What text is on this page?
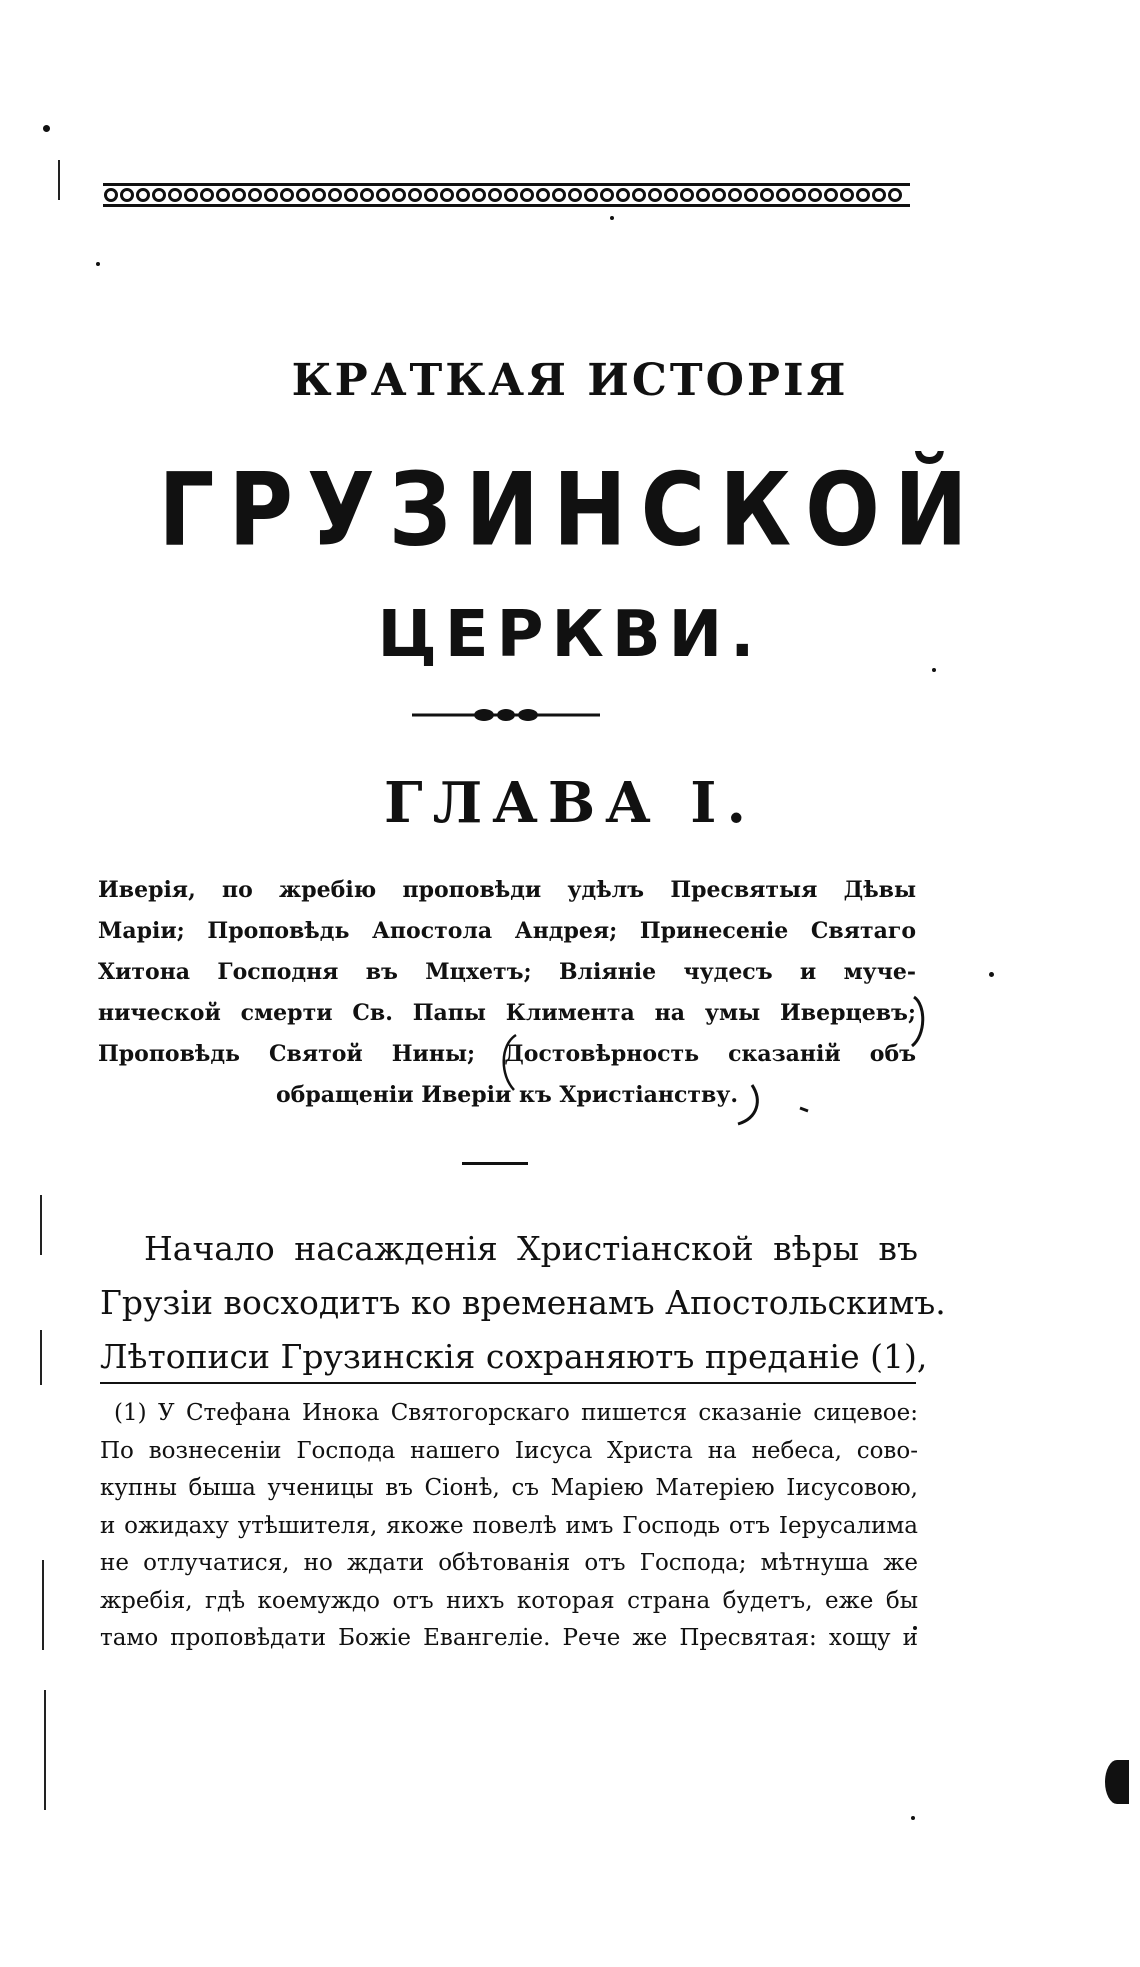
КРАТКАЯ ИСТОРІЯ
ГРУЗИНСКОЙ
ЦЕРКВИ.
ГЛАВА I.
Иверія, по жребію проповѣди удѣлъ Пресвятыя Дѣвы
Маріи; Проповѣдь Апостола Андрея; Принесеніе Святаго
Хитона Господня въ Мцхетъ; Вліяніе чудесъ и мучe-
нической смерти Св. Папы Климента на умы Иверцевъ;
Проповѣдь Святой Нины; Достовѣрность сказаній объ
обращеніи Иверіи къ Христіанству.
Начало насажденія Христіанской вѣры въ
Грузіи восходитъ ко временамъ Апостольскимъ.
Лѣтописи Грузинскія сохраняютъ преданіе (1),
(1) У Стефана Инока Святогорскаго пишется сказаніе сицевое:
По вознесеніи Господа нашего Іисуса Христа на небеса, сово-
купны быша ученицы въ Сіонѣ, съ Маріею Матеріею Іисусовою,
и ожидаху утѣшителя, якоже повелѣ имъ Господь отъ Іерусалима
не отлучатися, но ждати обѣтованія отъ Господа; мѣтнуша же
жребія, гдѣ коемуждо отъ нихъ которая страна будетъ, еже бы
тамо проповѣдати Божіе Евангеліе. Рече же Пресвятая: хощу и
